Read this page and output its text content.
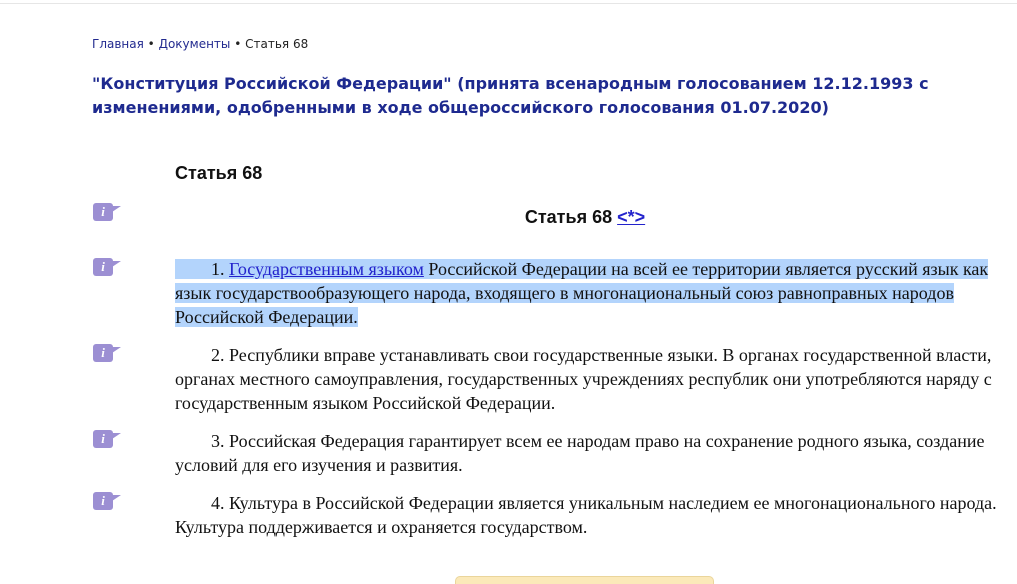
Главная • Документы • Статья 68
"Конституция Российской Федерации" (принята всенародным голосованием 12.12.1993 с изменениями, одобренными в ходе общероссийского голосования 01.07.2020)
Статья 68
i
i
i
i
i
Статья 68 <*>
1. Государственным языком Российской Федерации на всей ее территории является русский язык как язык государствообразующего народа, входящего в многонациональный союз равноправных народов Российской Федерации.
2. Республики вправе устанавливать свои государственные языки. В органах государственной власти, органах местного самоуправления, государственных учреждениях республик они употребляются наряду с государственным языком Российской Федерации.
3. Российская Федерация гарантирует всем ее народам право на сохранение родного языка, создание условий для его изучения и развития.
4. Культура в Российской Федерации является уникальным наследием ее многонационального народа. Культура поддерживается и охраняется государством.
